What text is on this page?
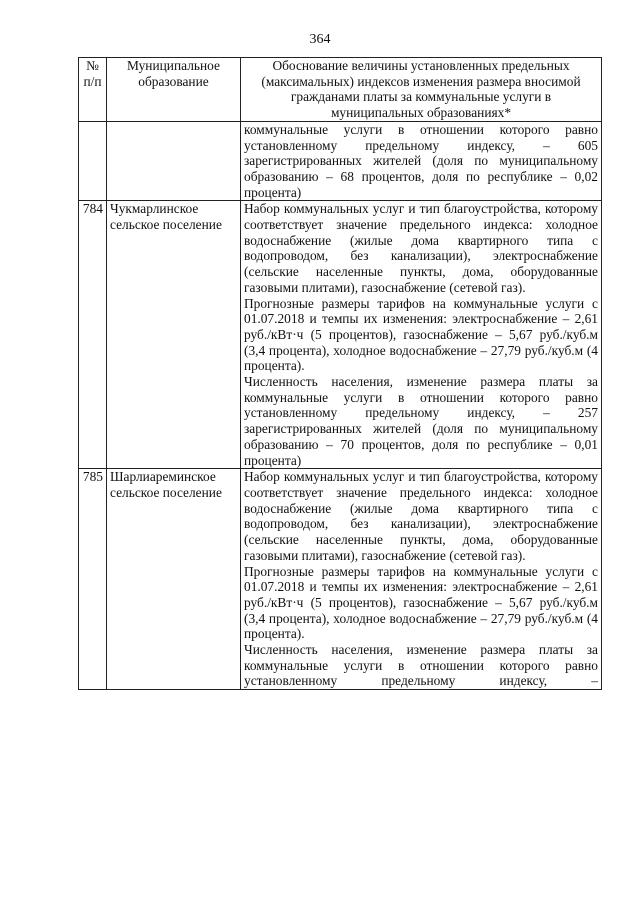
364
№ п/п	Муниципальное образование	Обоснование величины установленных предельных (максимальных) индексов изменения размера вносимой гражданами платы за коммунальные услуги в муниципальных образованиях*

		коммунальные услуги в отношении которого равно установленному предельному индексу, – 605 зарегистрированных жителей (доля по муниципальному образованию – 68 процентов, доля по республике – 0,02 процента)

784	Чукмарлинское сельское поселение	Набор коммунальных услуг и тип благоустройства, которому соответствует значение предельного индекса: холодное водоснабжение (жилые дома квартирного типа с водопроводом, без канализации), электроснабжение (сельские населенные пункты, дома, оборудованные газовыми плитами), газоснабжение (сетевой газ).
Прогнозные размеры тарифов на коммунальные услуги с 01.07.2018 и темпы их изменения: электроснабжение – 2,61 руб./кВт·ч (5 процентов), газоснабжение – 5,67 руб./куб.м (3,4 процента), холодное водоснабжение – 27,79 руб./куб.м (4 процента).
Численность населения, изменение размера платы за коммунальные услуги в отношении которого равно установленному предельному индексу, – 257 зарегистрированных жителей (доля по муниципальному образованию – 70 процентов, доля по республике – 0,01 процента)

785	Шарлиареминское сельское поселение	Набор коммунальных услуг и тип благоустройства, которому соответствует значение предельного индекса: холодное водоснабжение (жилые дома квартирного типа с водопроводом, без канализации), электроснабжение (сельские населенные пункты, дома, оборудованные газовыми плитами), газоснабжение (сетевой газ).
Прогнозные размеры тарифов на коммунальные услуги с 01.07.2018 и темпы их изменения: электроснабжение – 2,61 руб./кВт·ч (5 процентов), газоснабжение – 5,67 руб./куб.м (3,4 процента), холодное водоснабжение – 27,79 руб./куб.м (4 процента).
Численность населения, изменение размера платы за коммунальные услуги в отношении которого равно установленному предельному индексу, –
